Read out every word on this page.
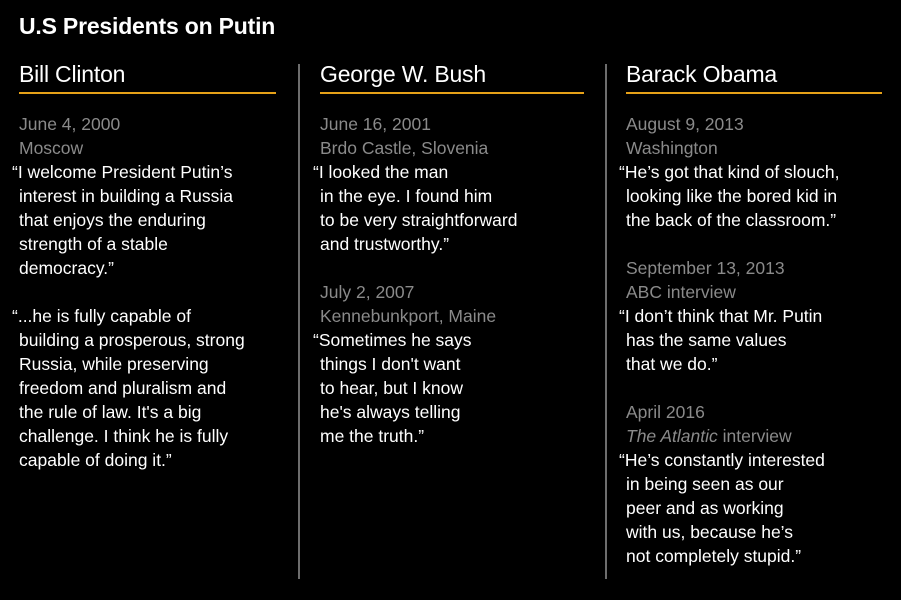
U.S Presidents on Putin
Bill Clinton
June 4, 2000
Moscow
“I welcome President Putin’s
interest in building a Russia
that enjoys the enduring
strength of a stable
democracy.”
“...he is fully capable of
building a prosperous, strong
Russia, while preserving
freedom and pluralism and
the rule of law. It's a big
challenge. I think he is fully
capable of doing it.”
George W. Bush
June 16, 2001
Brdo Castle, Slovenia
“I looked the man
in the eye. I found him
to be very straightforward
and trustworthy.”
July 2, 2007
Kennebunkport, Maine
“Sometimes he says
things I don't want
to hear, but I know
he's always telling
me the truth.”
Barack Obama
August 9, 2013
Washington
“He’s got that kind of slouch,
looking like the bored kid in
the back of the classroom.”
September 13, 2013
ABC interview
“I don’t think that Mr. Putin
has the same values
that we do.”
April 2016
The Atlantic interview
“He’s constantly interested
in being seen as our
peer and as working
with us, because he’s
not completely stupid.”
